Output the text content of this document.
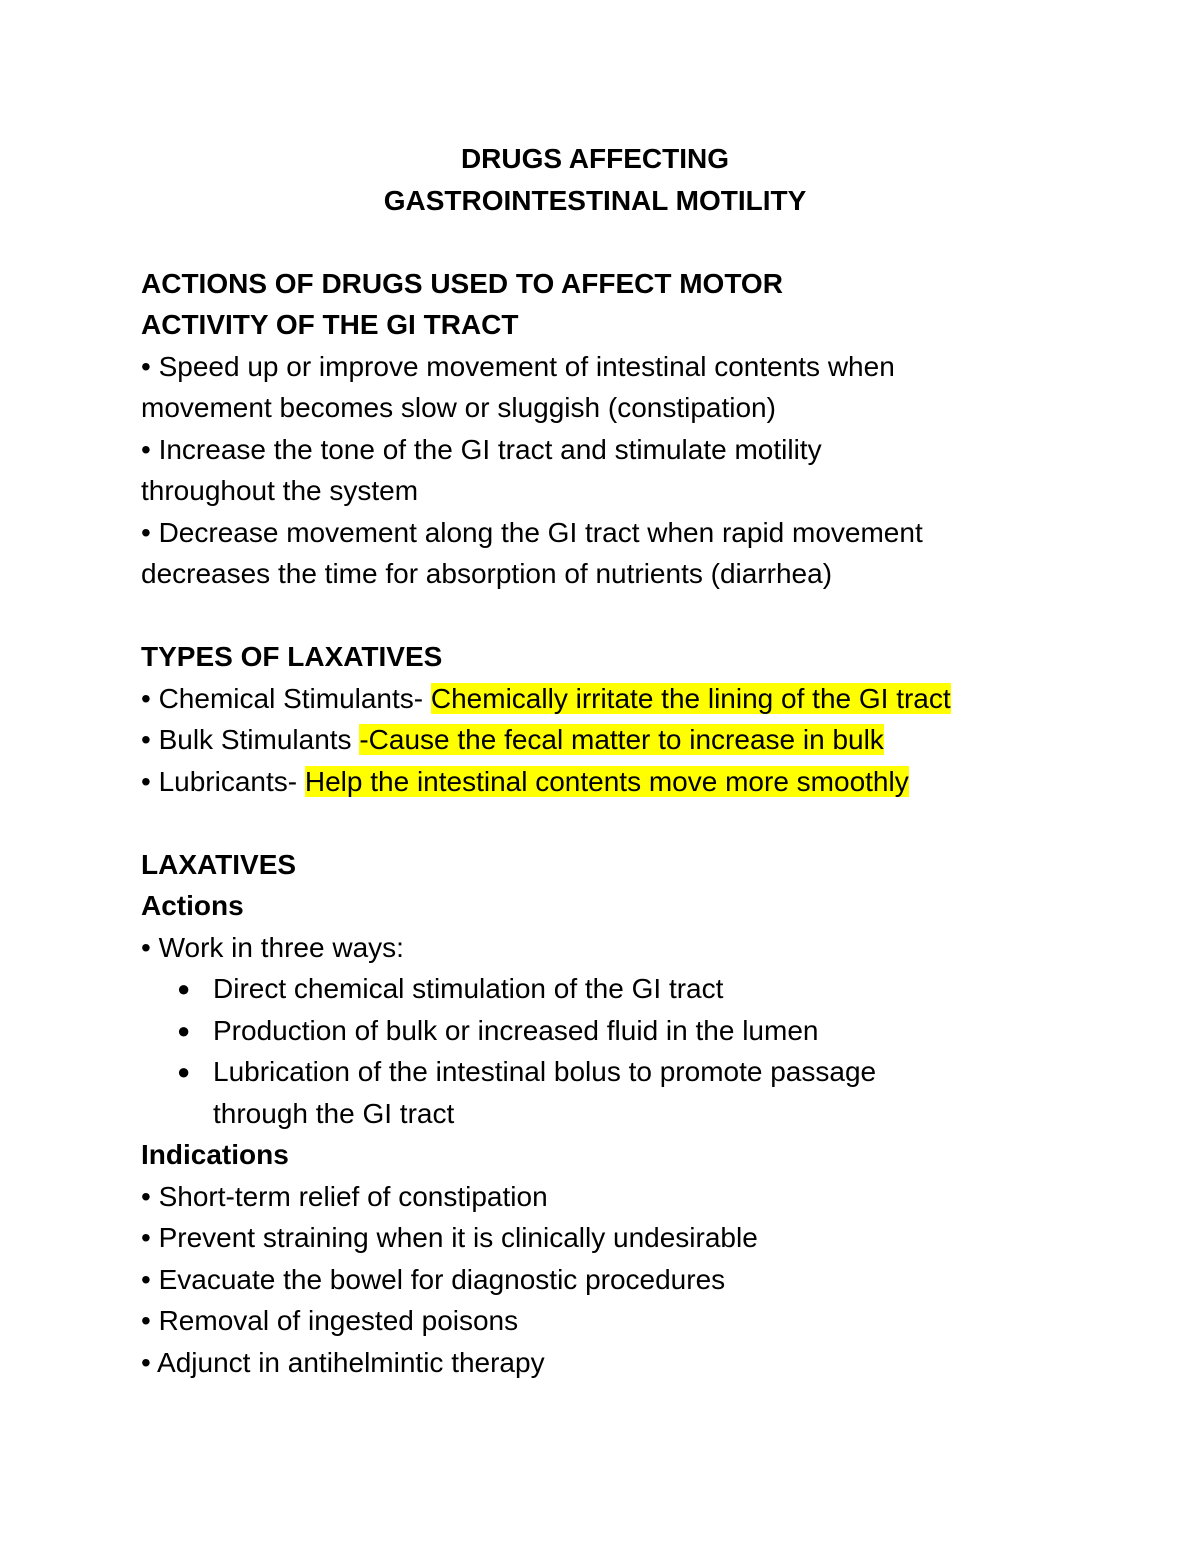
DRUGS AFFECTING
GASTROINTESTINAL MOTILITY
ACTIONS OF DRUGS USED TO AFFECT MOTOR
ACTIVITY OF THE GI TRACT
• Speed up or improve movement of intestinal contents when
movement becomes slow or sluggish (constipation)
• Increase the tone of the GI tract and stimulate motility
throughout the system
• Decrease movement along the GI tract when rapid movement
decreases the time for absorption of nutrients (diarrhea)
TYPES OF LAXATIVES
• Chemical Stimulants- Chemically irritate the lining of the GI tract
• Bulk Stimulants -Cause the fecal matter to increase in bulk
• Lubricants- Help the intestinal contents move more smoothly
LAXATIVES
Actions
• Work in three ways:
● Direct chemical stimulation of the GI tract
● Production of bulk or increased fluid in the lumen
● Lubrication of the intestinal bolus to promote passage
through the GI tract
Indications
• Short-term relief of constipation
• Prevent straining when it is clinically undesirable
• Evacuate the bowel for diagnostic procedures
• Removal of ingested poisons
• Adjunct in antihelmintic therapy
